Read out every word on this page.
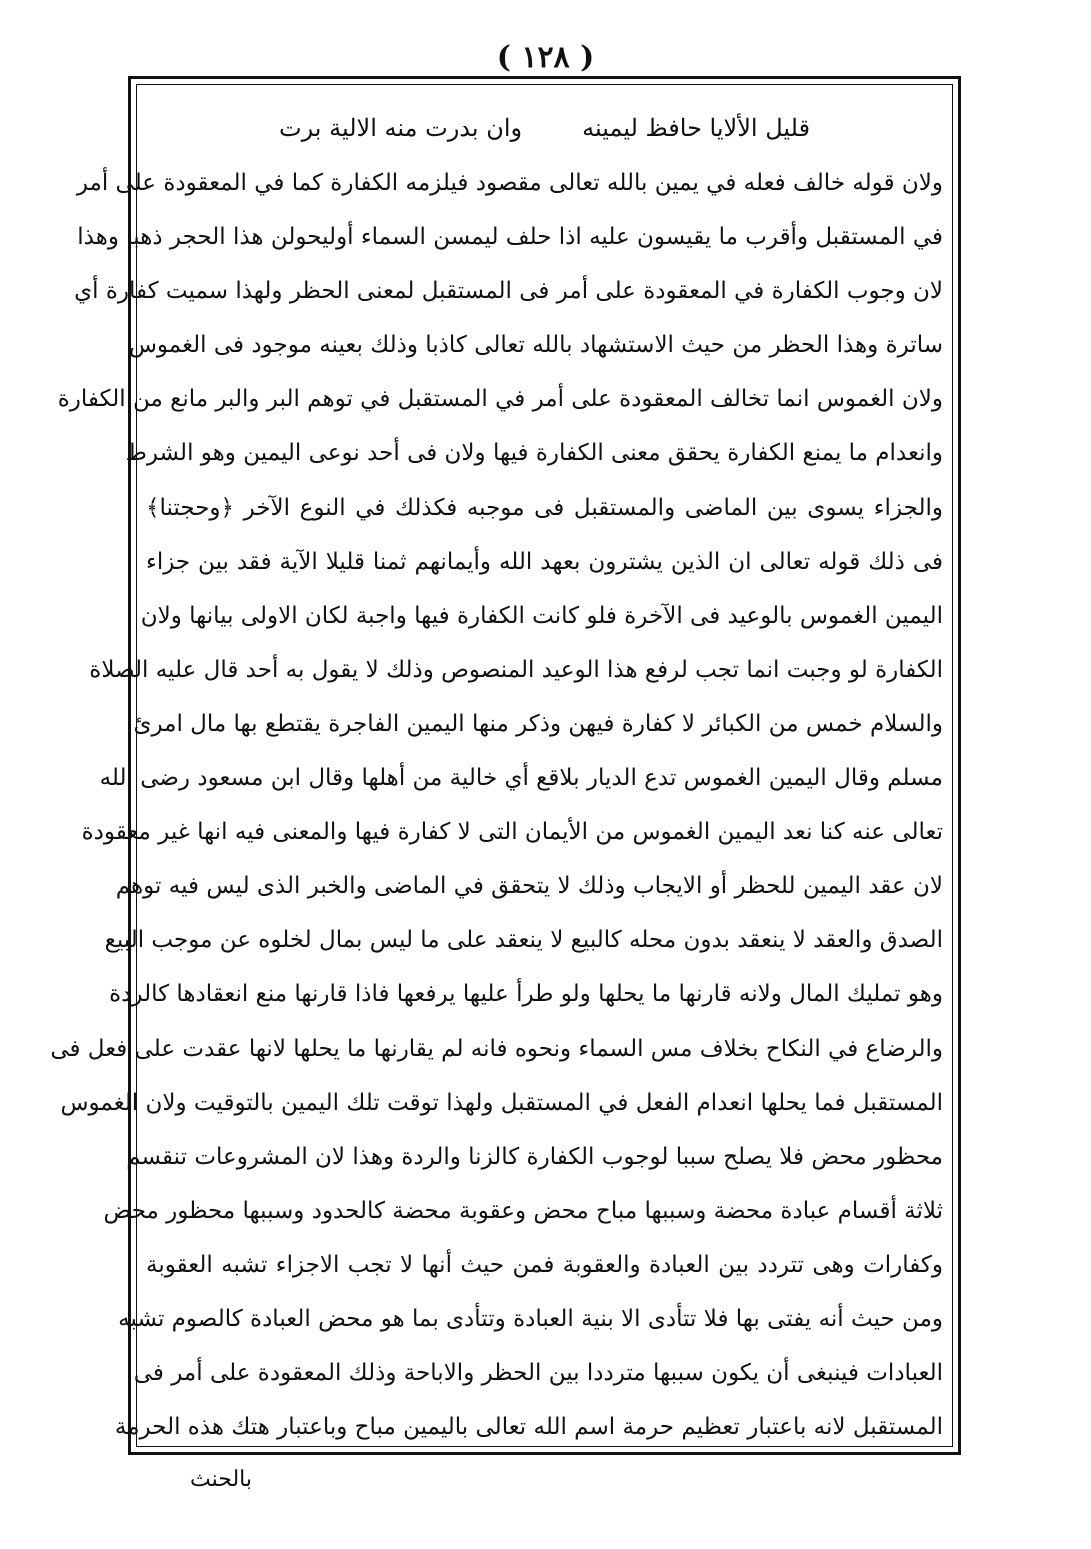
( ١٢٨ )
قليل الألايا حافظ ليمينه
وان بدرت منه الالية برت
ولان قوله خالف فعله في يمين بالله تعالى مقصود فيلزمه الكفارة كما في المعقودة على أمر
في المستقبل وأقرب ما يقيسون عليه اذا حلف ليمسن السماء أوليحولن هذا الحجر ذهبا وهذا
لان وجوب الكفارة في المعقودة على أمر فى المستقبل لمعنى الحظر ولهذا سميت كفارة أي
ساترة وهذا الحظر من حيث الاستشهاد بالله تعالى كاذبا وذلك بعينه موجود فى الغموس
ولان الغموس انما تخالف المعقودة على أمر في المستقبل في توهم البر والبر مانع من الكفارة
وانعدام ما يمنع الكفارة يحقق معنى الكفارة فيها ولان فى أحد نوعى اليمين وهو الشرط
والجزاء يسوى بين الماضى والمستقبل فى موجبه فكذلك في النوع الآخر ﴿وحجتنا﴾
فى ذلك قوله تعالى ان الذين يشترون بعهد الله وأيمانهم ثمنا قليلا الآية فقد بين جزاء
اليمين الغموس بالوعيد فى الآخرة فلو كانت الكفارة فيها واجبة لكان الاولى بيانها ولان
الكفارة لو وجبت انما تجب لرفع هذا الوعيد المنصوص وذلك لا يقول به أحد قال عليه الصلاة
والسلام خمس من الكبائر لا كفارة فيهن وذكر منها اليمين الفاجرة يقتطع بها مال امرئ
مسلم وقال اليمين الغموس تدع الديار بلاقع أي خالية من أهلها وقال ابن مسعود رضى الله
تعالى عنه كنا نعد اليمين الغموس من الأيمان التى لا كفارة فيها والمعنى فيه انها غير معقودة
لان عقد اليمين للحظر أو الايجاب وذلك لا يتحقق في الماضى والخبر الذى ليس فيه توهم
الصدق والعقد لا ينعقد بدون محله كالبيع لا ينعقد على ما ليس بمال لخلوه عن موجب البيع
وهو تمليك المال ولانه قارنها ما يحلها ولو طرأ عليها يرفعها فاذا قارنها منع انعقادها كالردة
والرضاع في النكاح بخلاف مس السماء ونحوه فانه لم يقارنها ما يحلها لانها عقدت على فعل فى
المستقبل فما يحلها انعدام الفعل في المستقبل ولهذا توقت تلك اليمين بالتوقيت ولان الغموس
محظور محض فلا يصلح سببا لوجوب الكفارة كالزنا والردة وهذا لان المشروعات تنقسم
ثلاثة أقسام عبادة محضة وسببها مباح محض وعقوبة محضة كالحدود وسببها محظور محض
وكفارات وهى تتردد بين العبادة والعقوبة فمن حيث أنها لا تجب الاجزاء تشبه العقوبة
ومن حيث أنه يفتى بها فلا تتأدى الا بنية العبادة وتتأدى بما هو محض العبادة كالصوم تشبه
العبادات فينبغى أن يكون سببها مترددا بين الحظر والاباحة وذلك المعقودة على أمر فى
المستقبل لانه باعتبار تعظيم حرمة اسم الله تعالى باليمين مباح وباعتبار هتك هذه الحرمة
بالحنث
